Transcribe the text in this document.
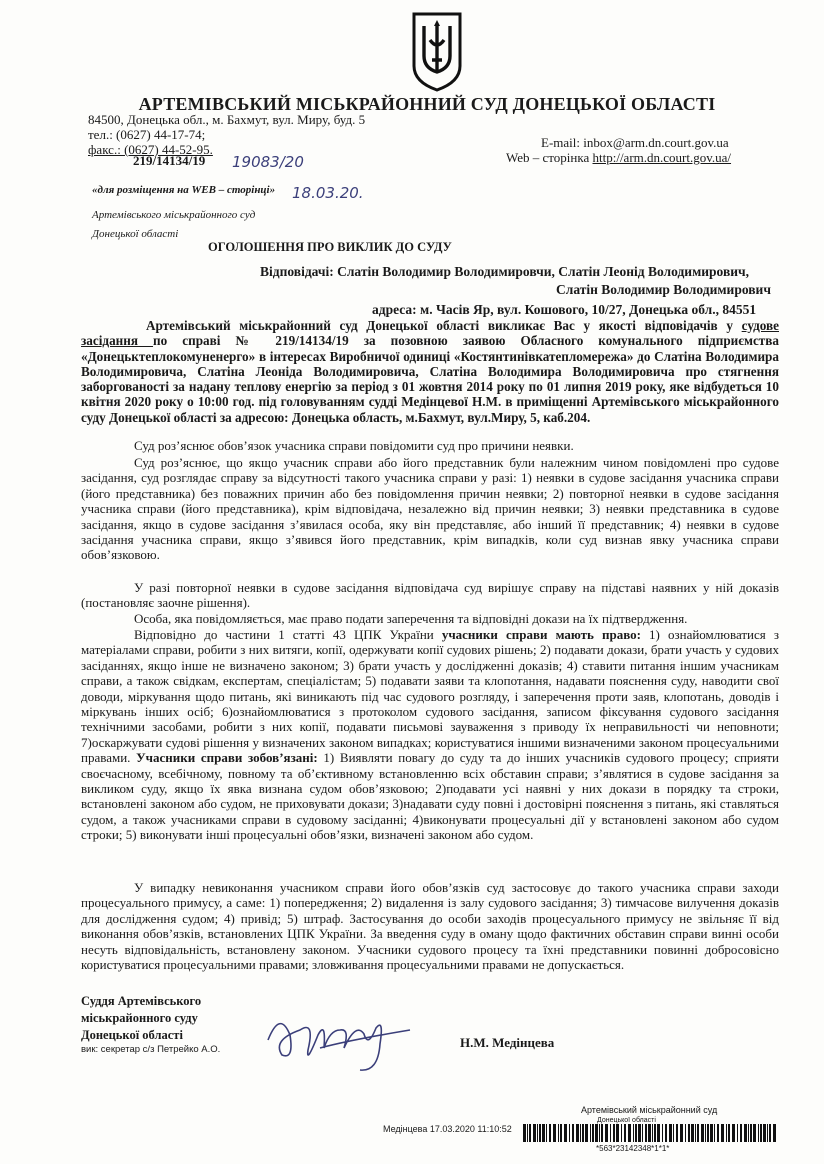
АРТЕМІВСЬКИЙ МІСЬКРАЙОННИЙ СУД ДОНЕЦЬКОЇ ОБЛАСТІ
84500, Донецька обл., м. Бахмут, вул. Миру, буд. 5
тел.: (0627) 44-17-74;
факс.: (0627) 44-52-95.	E-mail: inbox@arm.dn.court.gov.ua
Web – сторінка http://arm.dn.court.gov.ua/
219/14134/19 19083/20
18.03.20.
«для розміщення на WEB – сторінці»
Артемівського міськрайонного суд
Донецької області
ОГОЛОШЕННЯ ПРО ВИКЛИК ДО СУДУ
Відповідачі: Слатін Володимир Володимировчи, Слатін Леонід Володимирович,
Слатін Володимир Володимирович
адреса: м. Часів Яр, вул. Кошового, 10/27, Донецька обл., 84551
Артемівський міськрайонний суд Донецької області викликає Вас у якості відповідачів у судове засідання по справі № 219/14134/19 за позовною заявою Обласного комунального підприємства «Донецьктеплокомуненерго» в інтересах Виробничої одиниці «Костянтинівкатепломережа» до Слатіна Володимира Володимировича, Слатіна Леоніда Володимировича, Слатіна Володимира Володимировича про стягнення заборгованості за надану теплову енергію за період з 01 жовтня 2014 року по 01 липня 2019 року, яке відбудеться 10 квітня 2020 року о 10:00 год. під головуванням судді Медінцевої Н.М. в приміщенні Артемівського міськрайонного суду Донецької області за адресою: Донецька область, м.Бахмут, вул.Миру, 5, каб.204.
Суд роз’яснює обов’язок учасника справи повідомити суд про причини неявки.
Суд роз’яснює, що якщо учасник справи або його представник були належним чином повідомлені про судове засідання, суд розглядає справу за відсутності такого учасника справи у разі: 1) неявки в судове засідання учасника справи (його представника) без поважних причин або без повідомлення причин неявки; 2) повторної неявки в судове засідання учасника справи (його представника), крім відповідача, незалежно від причин неявки; 3) неявки представника в судове засідання, якщо в судове засідання з’явилася особа, яку він представляє, або інший її представник; 4) неявки в судове засідання учасника справи, якщо з’явився його представник, крім випадків, коли суд визнав явку учасника справи обов’язковою.
У разі повторної неявки в судове засідання відповідача суд вирішує справу на підставі наявних у ній доказів (постановляє заочне рішення).
Особа, яка повідомляється, має право подати заперечення та відповідні докази на їх підтвердження.
Відповідно до частини 1 статті 43 ЦПК України учасники справи мають право: 1) ознайомлюватися з матеріалами справи, робити з них витяги, копії, одержувати копії судових рішень; 2) подавати докази, брати участь у судових засіданнях, якщо інше не визначено законом; 3) брати участь у дослідженні доказів; 4) ставити питання іншим учасникам справи, а також свідкам, експертам, спеціалістам; 5) подавати заяви та клопотання, надавати пояснення суду, наводити свої доводи, міркування щодо питань, які виникають під час судового розгляду, і заперечення проти заяв, клопотань, доводів і міркувань інших осіб; 6)ознайомлюватися з протоколом судового засідання, записом фіксування судового засідання технічними засобами, робити з них копії, подавати письмові зауваження з приводу їх неправильності чи неповноти; 7)оскаржувати судові рішення у визначених законом випадках; користуватися іншими визначеними законом процесуальними правами. Учасники справи зобов’язані: 1) Виявляти повагу до суду та до інших учасників судового процесу; сприяти своєчасному, всебічному, повному та об’єктивному встановленню всіх обставин справи; з’являтися в судове засідання за викликом суду, якщо їх явка визнана судом обов’язковою; 2)подавати усі наявні у них докази в порядку та строки, встановлені законом або судом, не приховувати докази; 3)надавати суду повні і достовірні пояснення з питань, які ставляться судом, а також учасниками справи в судовому засіданні; 4)виконувати процесуальні дії у встановлені законом або судом строки; 5) виконувати інші процесуальні обов’язки, визначені законом або судом.
У випадку невиконання учасником справи його обов’язків суд застосовує до такого учасника справи заходи процесуального примусу, а саме: 1) попередження; 2) видалення із залу судового засідання; 3) тимчасове вилучення доказів для дослідження судом; 4) привід; 5) штраф. Застосування до особи заходів процесуального примусу не звільняє її від виконання обов’язків, встановлених ЦПК України. За введення суду в оману щодо фактичних обставин справи винні особи несуть відповідальність, встановлену законом. Учасники судового процесу та їхні представники повинні добросовісно користуватися процесуальними правами; зловживання процесуальними правами не допускається.
Суддя Артемівського
міськрайонного суду
Донецької області
вик: секретар с/з Петрейко А.О.	Н.М. Медінцева
Артемівський міськрайонний суд
Донецької області
Медінцева 17.03.2020 11:10:52
*563*23142348*1*1*
